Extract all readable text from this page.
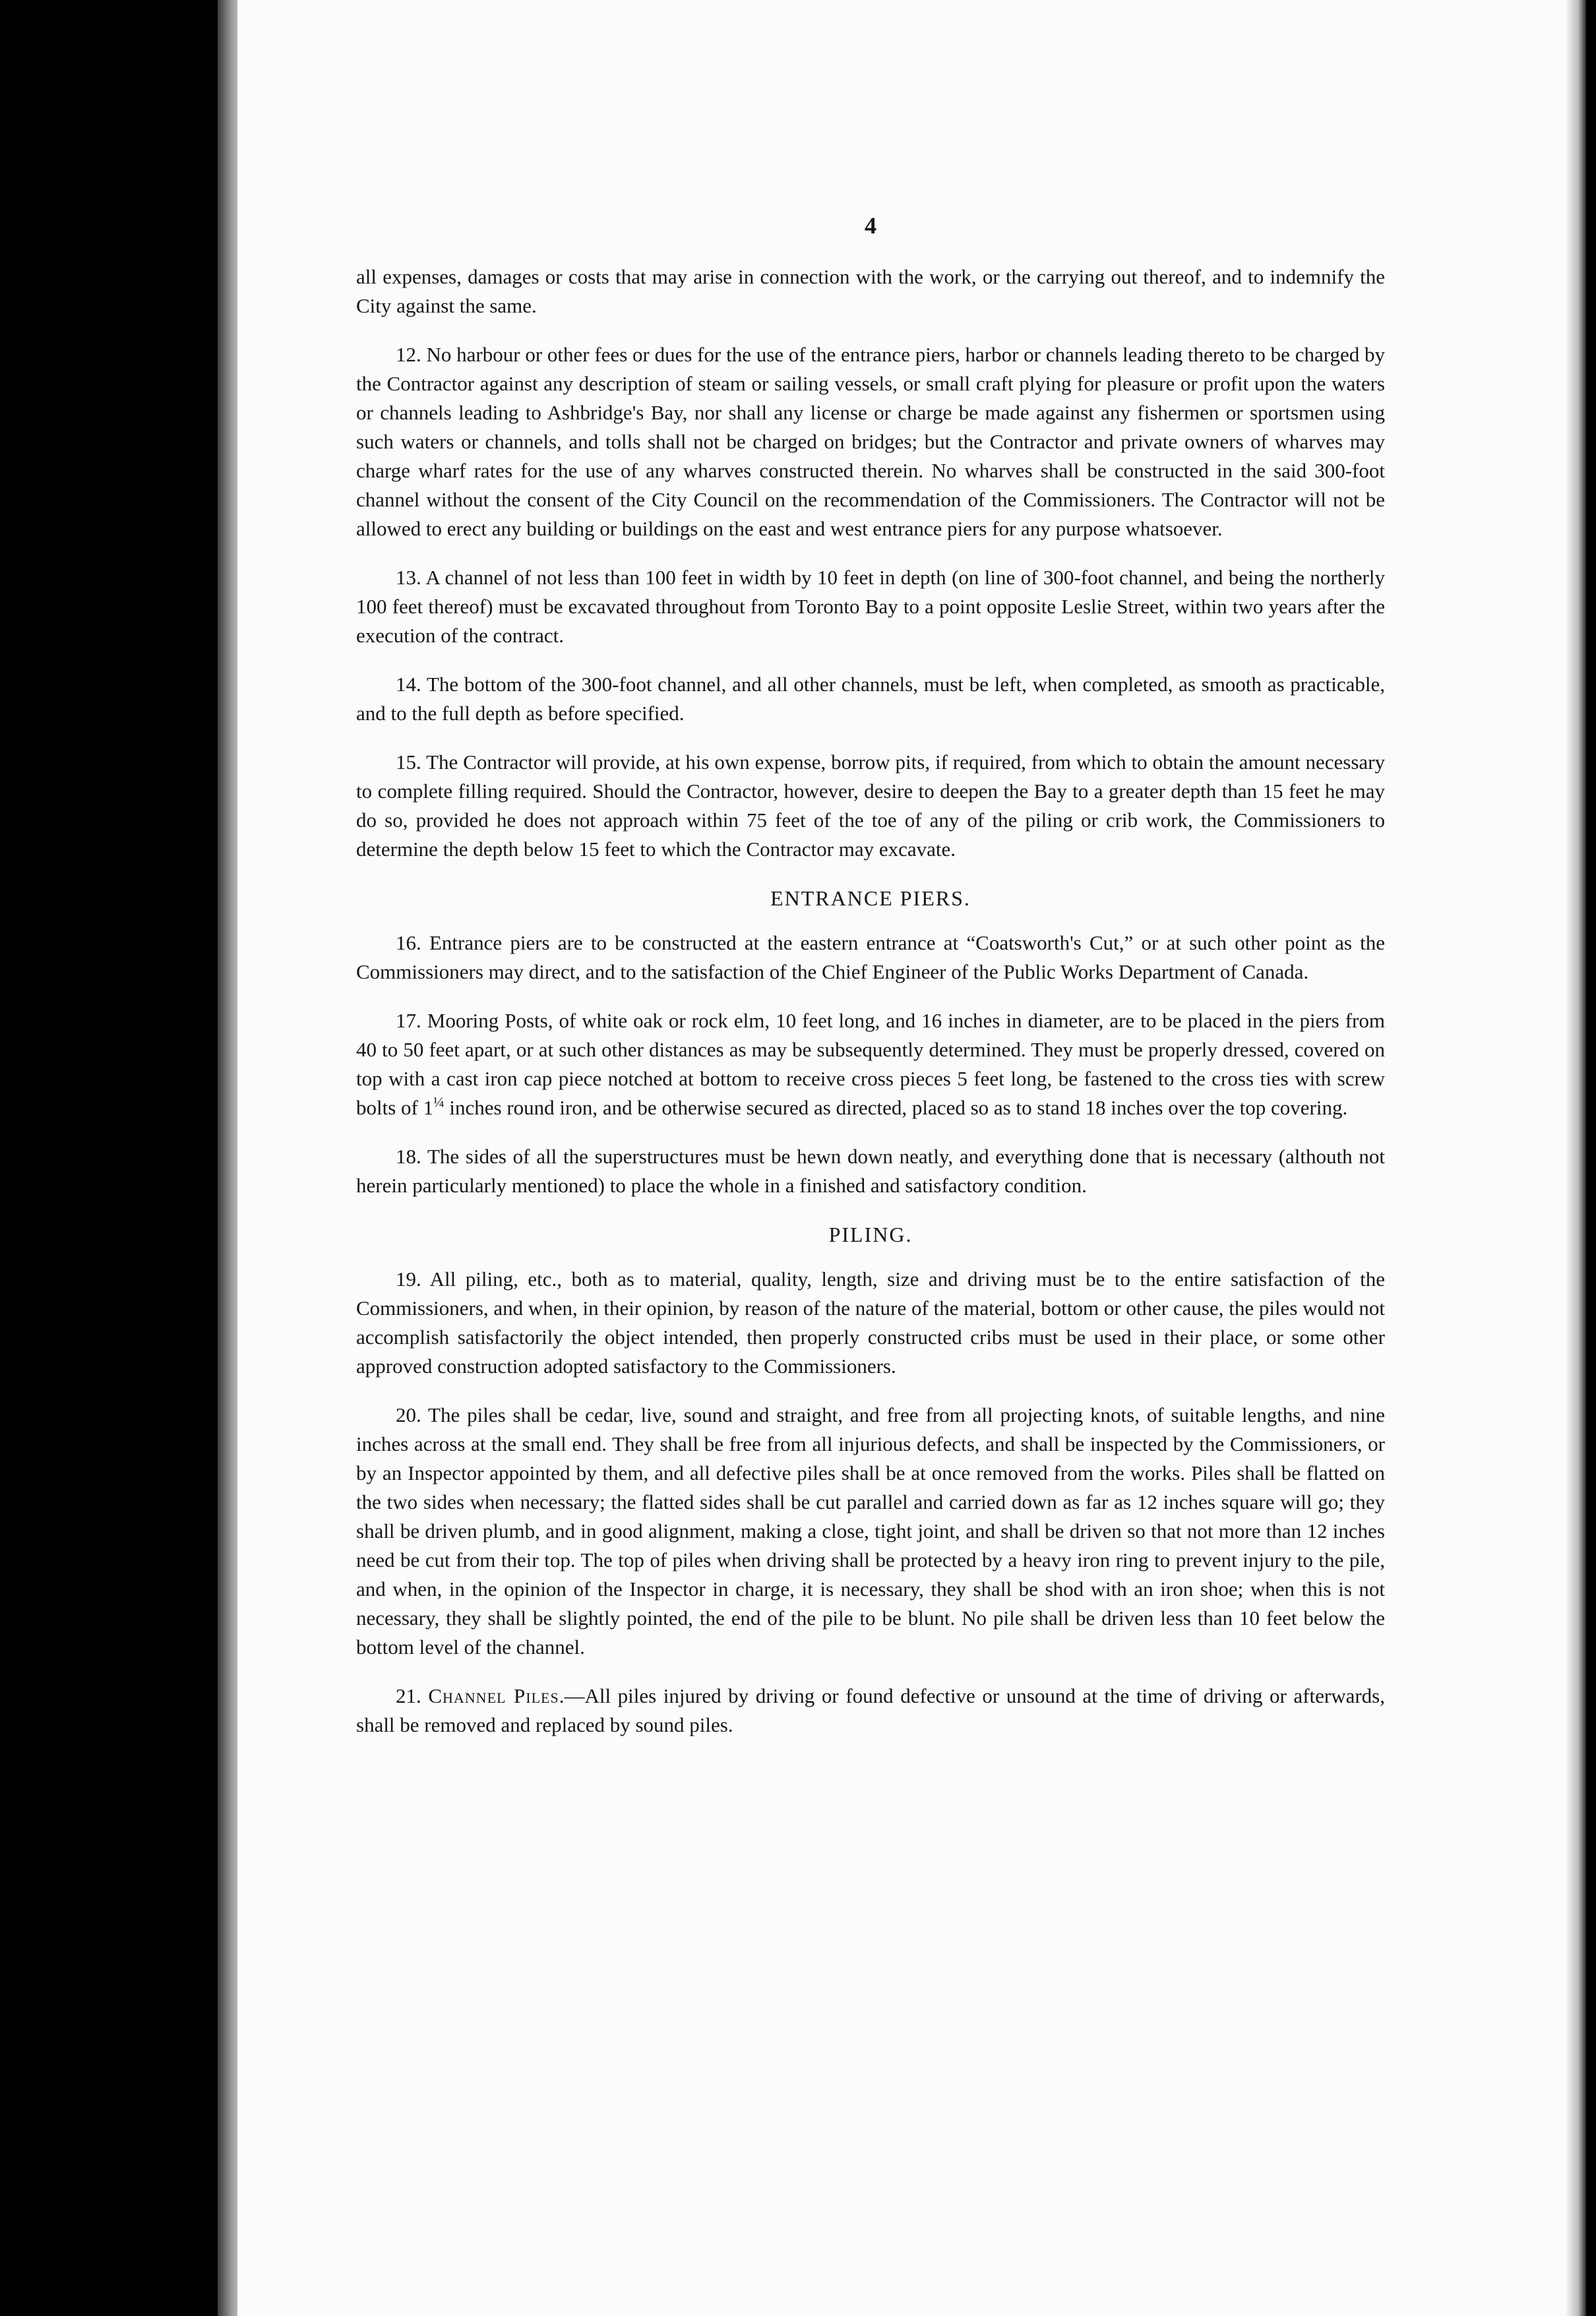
4

all expenses, damages or costs that may arise in connection with the work, or the carrying out thereof, and to indemnify the City against the same.

12. No harbour or other fees or dues for the use of the entrance piers, harbor or channels leading thereto to be charged by the Contractor against any description of steam or sailing vessels, or small craft plying for pleasure or profit upon the waters or channels leading to Ashbridge's Bay, nor shall any license or charge be made against any fishermen or sportsmen using such waters or channels, and tolls shall not be charged on bridges; but the Contractor and private owners of wharves may charge wharf rates for the use of any wharves constructed therein. No wharves shall be constructed in the said 300-foot channel without the consent of the City Council on the recommendation of the Commissioners. The Contractor will not be allowed to erect any building or buildings on the east and west entrance piers for any purpose whatsoever.

13. A channel of not less than 100 feet in width by 10 feet in depth (on line of 300-foot channel, and being the northerly 100 feet thereof) must be excavated throughout from Toronto Bay to a point opposite Leslie Street, within two years after the execution of the contract.

14. The bottom of the 300-foot channel, and all other channels, must be left, when completed, as smooth as practicable, and to the full depth as before specified.

15. The Contractor will provide, at his own expense, borrow pits, if required, from which to obtain the amount necessary to complete filling required. Should the Contractor, however, desire to deepen the Bay to a greater depth than 15 feet he may do so, provided he does not approach within 75 feet of the toe of any of the piling or crib work, the Commissioners to determine the depth below 15 feet to which the Contractor may excavate.

ENTRANCE PIERS.

16. Entrance piers are to be constructed at the eastern entrance at “Coatsworth's Cut,” or at such other point as the Commissioners may direct, and to the satisfaction of the Chief Engineer of the Public Works Department of Canada.

17. Mooring Posts, of white oak or rock elm, 10 feet long, and 16 inches in diameter, are to be placed in the piers from 40 to 50 feet apart, or at such other distances as may be subsequently determined. They must be properly dressed, covered on top with a cast iron cap piece notched at bottom to receive cross pieces 5 feet long, be fastened to the cross ties with screw bolts of $1^{\frac{1}{4}}$ inches round iron, and be otherwise secured as directed, placed so as to stand 18 inches over the top covering.

18. The sides of all the superstructures must be hewn down neatly, and everything done that is necessary (althouth not herein particularly mentioned) to place the whole in a finished and satisfactory condition.

PILING.

19. All piling, etc., both as to material, quality, length, size and driving must be to the entire satisfaction of the Commissioners, and when, in their opinion, by reason of the nature of the material, bottom or other cause, the piles would not accomplish satisfactorily the object intended, then properly constructed cribs must be used in their place, or some other approved construction adopted satisfactory to the Commissioners.

20. The piles shall be cedar, live, sound and straight, and free from all projecting knots, of suitable lengths, and nine inches across at the small end. They shall be free from all injurious defects, and shall be inspected by the Commissioners, or by an Inspector appointed by them, and all defective piles shall be at once removed from the works. Piles shall be flatted on the two sides when necessary; the flatted sides shall be cut parallel and carried down as far as 12 inches square will go; they shall be driven plumb, and in good alignment, making a close, tight joint, and shall be driven so that not more than 12 inches need be cut from their top. The top of piles when driving shall be protected by a heavy iron ring to prevent injury to the pile, and when, in the opinion of the Inspector in charge, it is necessary, they shall be shod with an iron shoe; when this is not necessary, they shall be slightly pointed, the end of the pile to be blunt. No pile shall be driven less than 10 feet below the bottom level of the channel.

21. Channel Piles.—All piles injured by driving or found defective or unsound at the time of driving or afterwards, shall be removed and replaced by sound piles.
